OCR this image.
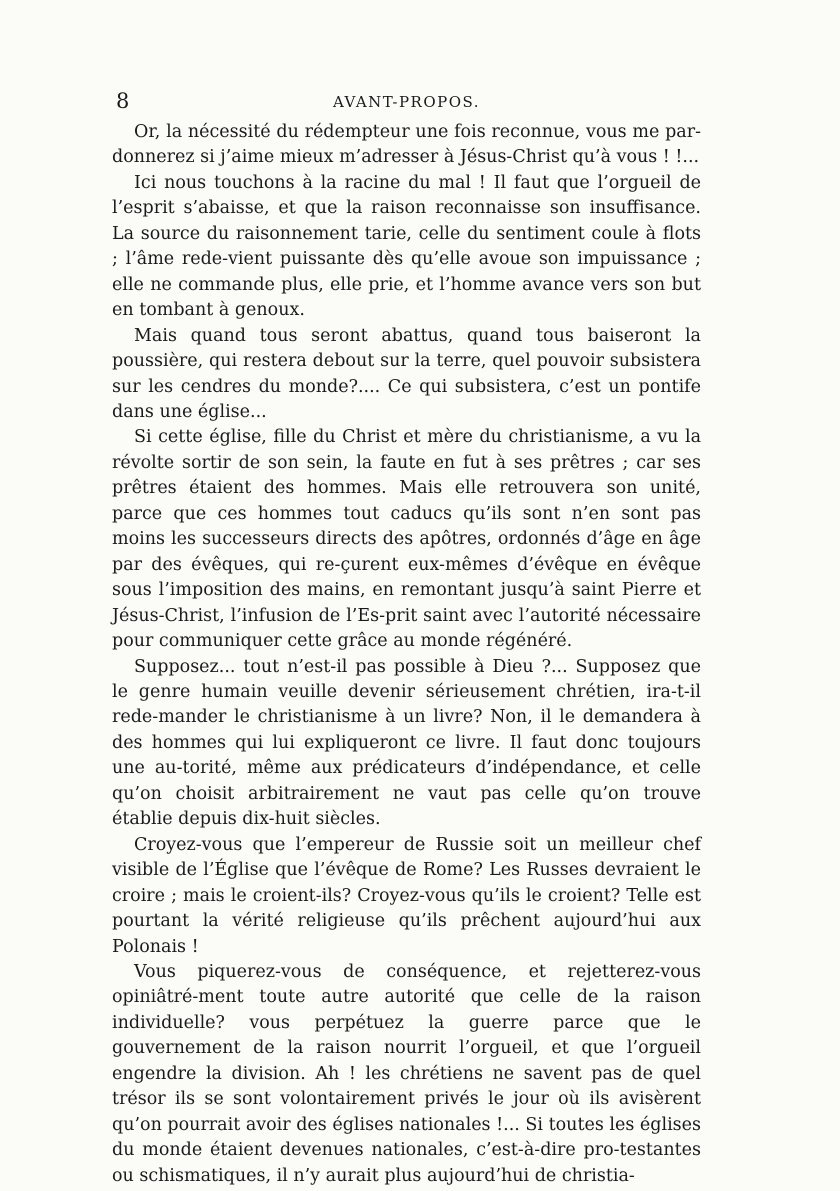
8	AVANT-PROPOS.

Or, la nécessité du rédempteur une fois reconnue, vous me par-donnerez si j’aime mieux m’adresser à Jésus-Christ qu’à vous ! !...

Ici nous touchons à la racine du mal ! Il faut que l’orgueil de l’esprit s’abaisse, et que la raison reconnaisse son insuffisance. La source du raisonnement tarie, celle du sentiment coule à flots ; l’âme rede-vient puissante dès qu’elle avoue son impuissance ; elle ne commande plus, elle prie, et l’homme avance vers son but en tombant à genoux.

Mais quand tous seront abattus, quand tous baiseront la poussière, qui restera debout sur la terre, quel pouvoir subsistera sur les cendres du monde?.... Ce qui subsistera, c’est un pontife dans une église...

Si cette église, fille du Christ et mère du christianisme, a vu la révolte sortir de son sein, la faute en fut à ses prêtres ; car ses prêtres étaient des hommes. Mais elle retrouvera son unité, parce que ces hommes tout caducs qu’ils sont n’en sont pas moins les successeurs directs des apôtres, ordonnés d’âge en âge par des évêques, qui re-çurent eux-mêmes d’évêque en évêque sous l’imposition des mains, en remontant jusqu’à saint Pierre et Jésus-Christ, l’infusion de l’Es-prit saint avec l’autorité nécessaire pour communiquer cette grâce au monde régénéré.

Supposez... tout n’est-il pas possible à Dieu ?... Supposez que le genre humain veuille devenir sérieusement chrétien, ira-t-il rede-mander le christianisme à un livre? Non, il le demandera à des hommes qui lui expliqueront ce livre. Il faut donc toujours une au-torité, même aux prédicateurs d’indépendance, et celle qu’on choisit arbitrairement ne vaut pas celle qu’on trouve établie depuis dix-huit siècles.

Croyez-vous que l’empereur de Russie soit un meilleur chef visible de l’Église que l’évêque de Rome? Les Russes devraient le croire ; mais le croient-ils? Croyez-vous qu’ils le croient? Telle est pourtant la vérité religieuse qu’ils prêchent aujourd’hui aux Polonais !

Vous piquerez-vous de conséquence, et rejetterez-vous opiniâtré-ment toute autre autorité que celle de la raison individuelle? vous perpétuez la guerre parce que le gouvernement de la raison nourrit l’orgueil, et que l’orgueil engendre la division. Ah ! les chrétiens ne savent pas de quel trésor ils se sont volontairement privés le jour où ils avisèrent qu’on pourrait avoir des églises nationales !... Si toutes les églises du monde étaient devenues nationales, c’est-à-dire pro-testantes ou schismatiques, il n’y aurait plus aujourd’hui de christia-
